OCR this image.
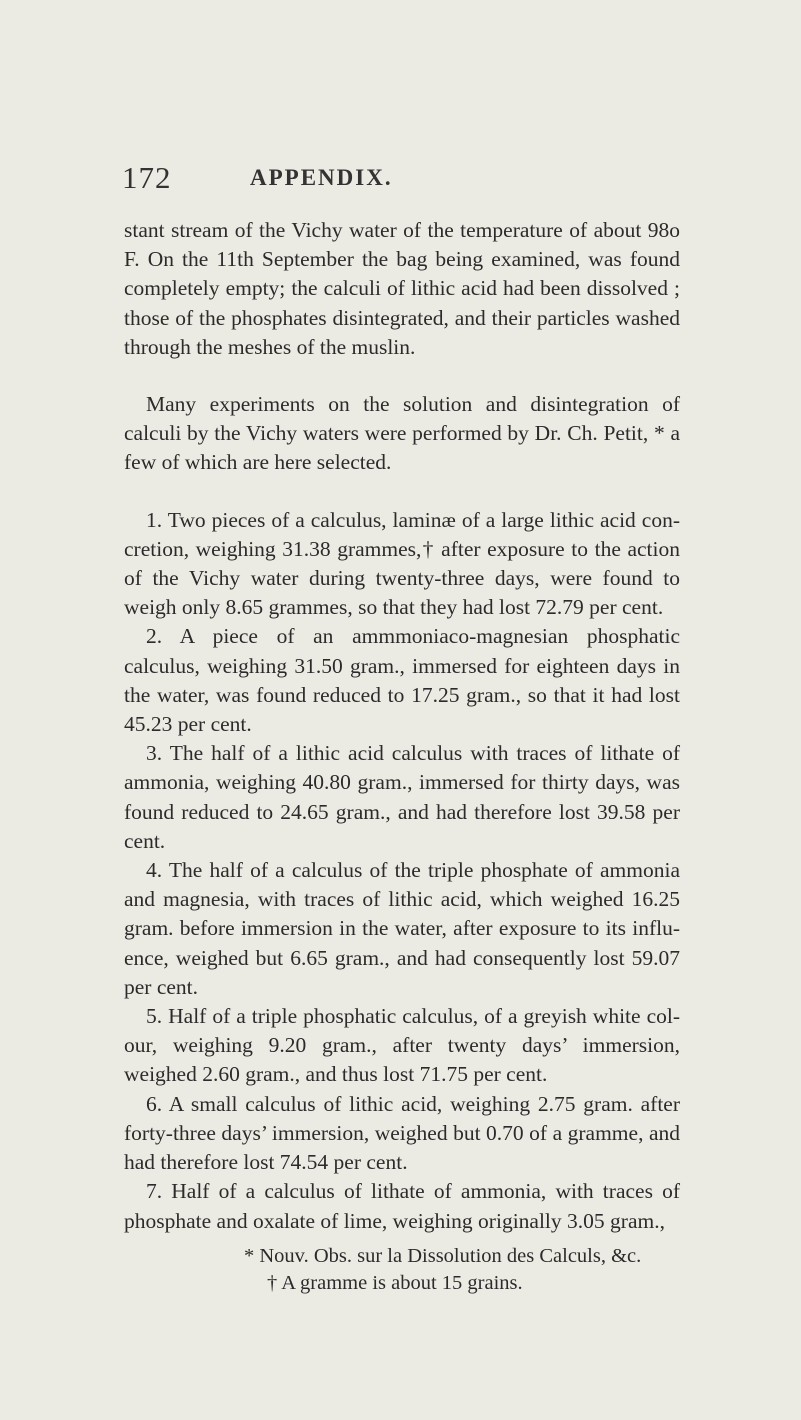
172	APPENDIX.

stant stream of the Vichy water of the temperature of about 98o F. On the 11th September the bag being examined, was found completely empty; the calculi of lithic acid had been dissolved ; those of the phosphates disintegrated, and their particles washed through the meshes of the muslin.

Many experiments on the solution and disintegration of calculi by the Vichy waters were performed by Dr. Ch. Petit, * a few of which are here selected.

1. Two pieces of a calculus, laminæ of a large lithic acid con- cretion, weighing 31.38 grammes,† after exposure to the action of the Vichy water during twenty-three days, were found to weigh only 8.65 grammes, so that they had lost 72.79 per cent.

2. A piece of an ammmoniaco-magnesian phosphatic calculus, weighing 31.50 gram., immersed for eighteen days in the water, was found reduced to 17.25 gram., so that it had lost 45.23 per cent.

3. The half of a lithic acid calculus with traces of lithate of ammonia, weighing 40.80 gram., immersed for thirty days, was found reduced to 24.65 gram., and had therefore lost 39.58 per cent.

4. The half of a calculus of the triple phosphate of ammonia and magnesia, with traces of lithic acid, which weighed 16.25 gram. before immersion in the water, after exposure to its influ- ence, weighed but 6.65 gram., and had consequently lost 59.07 per cent.

5. Half of a triple phosphatic calculus, of a greyish white col- our, weighing 9.20 gram., after twenty days’ immersion, weighed 2.60 gram., and thus lost 71.75 per cent.

6. A small calculus of lithic acid, weighing 2.75 gram. after forty-three days’ immersion, weighed but 0.70 of a gramme, and had therefore lost 74.54 per cent.

7. Half of a calculus of lithate of ammonia, with traces of phosphate and oxalate of lime, weighing originally 3.05 gram.,

* Nouv. Obs. sur la Dissolution des Calculs, &c.

† A gramme is about 15 grains.
